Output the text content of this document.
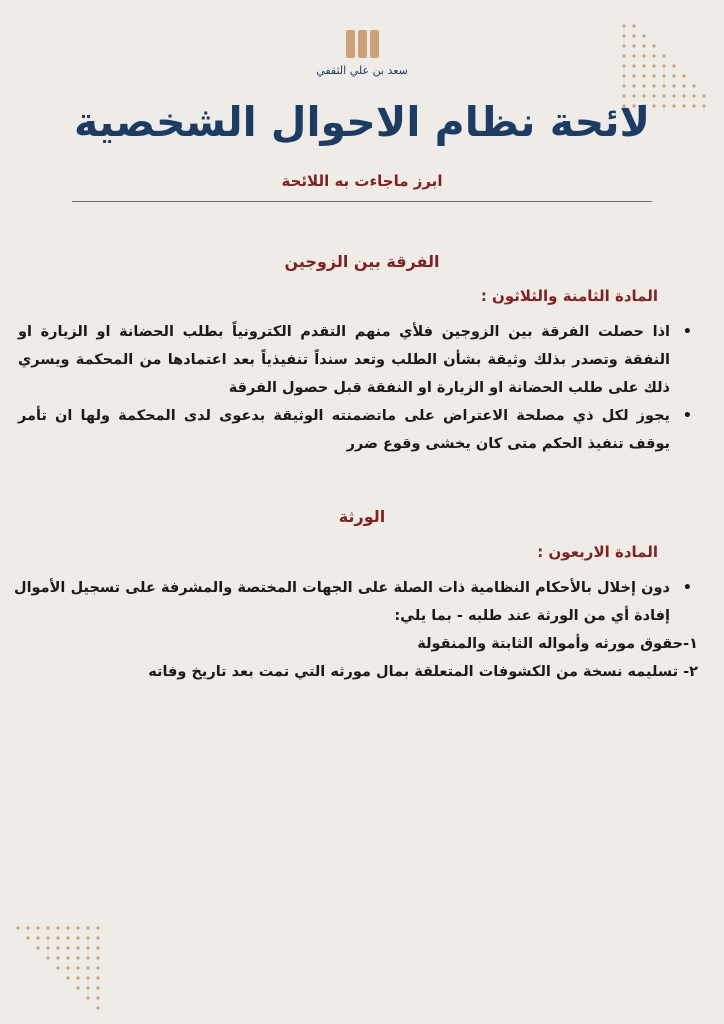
سعد بن علي الثقفي
لائحة نظام الاحوال الشخصية
ابرز ماجاءت به اللائحة
الفرقة بين الزوجين
المادة الثامنة والثلاثون :
• اذا حصلت الفرقة بين الزوجين فلأي منهم التقدم الكترونياً بطلب الحضانة او الزيارة او النفقة وتصدر بذلك وثيقة بشأن الطلب وتعد سنداً تنفيذياً بعد اعتمادها من المحكمة ويسري ذلك على طلب الحضانة او الزيارة او النفقة قبل حصول الفرقة
• يجوز لكل ذي مصلحة الاعتراض على ماتضمنته الوثيقة بدعوى لدى المحكمة ولها ان تأمر يوقف تنفيذ الحكم متى كان يخشى وقوع ضرر
الورثة
المادة الاربعون :
• دون إخلال بالأحكام النظامية ذات الصلة على الجهات المختصة والمشرفة على تسجيل الأموال إفادة أي من الورثة عند طلبه - بما يلي:
١-حقوق مورثه وأمواله الثابتة والمنقولة
٢- تسليمه نسخة من الكشوفات المتعلقة بمال مورثه التي تمت بعد تاريخ وفاته
